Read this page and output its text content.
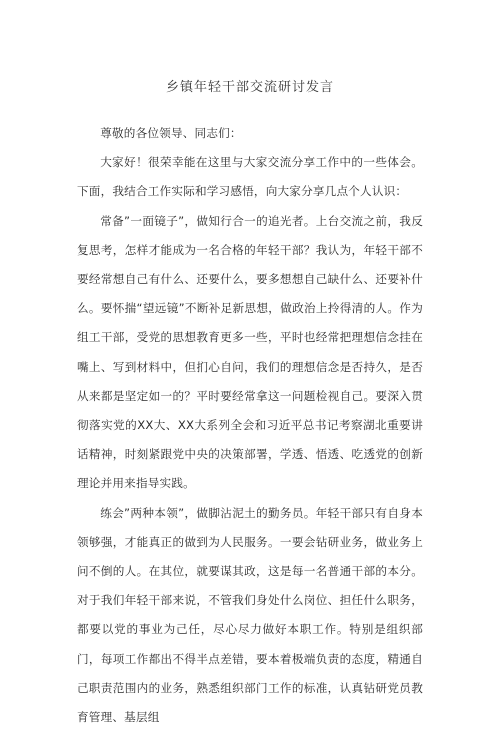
乡镇年轻干部交流研讨发言

尊敬的各位领导、同志们：

大家好！很荣幸能在这里与大家交流分享工作中的一些体会。下面，我结合工作实际和学习感悟，向大家分享几点个人认识：

常备”一面镜子”，做知行合一的追光者。上台交流之前，我反复思考，怎样才能成为一名合格的年轻干部？我认为，年轻干部不要经常想自己有什么、还要什么，要多想想自己缺什么、还要补什么。要怀揣“望远镜”不断补足新思想，做政治上拎得清的人。作为组工干部，受党的思想教育更多一些，平时也经常把理想信念挂在嘴上、写到材料中，但扪心自问，我们的理想信念是否持久，是否从来都是坚定如一的？平时要经常拿这一问题检视自己。要深入贯彻落实党的XX大、XX大系列全会和习近平总书记考察湖北重要讲话精神，时刻紧跟党中央的决策部署，学透、悟透、吃透党的创新理论并用来指导实践。

练会”两种本领”，做脚沾泥土的勤务员。年轻干部只有自身本领够强，才能真正的做到为人民服务。一要会钻研业务，做业务上问不倒的人。在其位，就要谋其政，这是每一名普通干部的本分。对于我们年轻干部来说，不管我们身处什么岗位、担任什么职务，都要以党的事业为己任，尽心尽力做好本职工作。特别是组织部门，每项工作都出不得半点差错，要本着极端负责的态度，精通自己职责范围内的业务，熟悉组织部门工作的标准，认真钻研党员教育管理、基层组
